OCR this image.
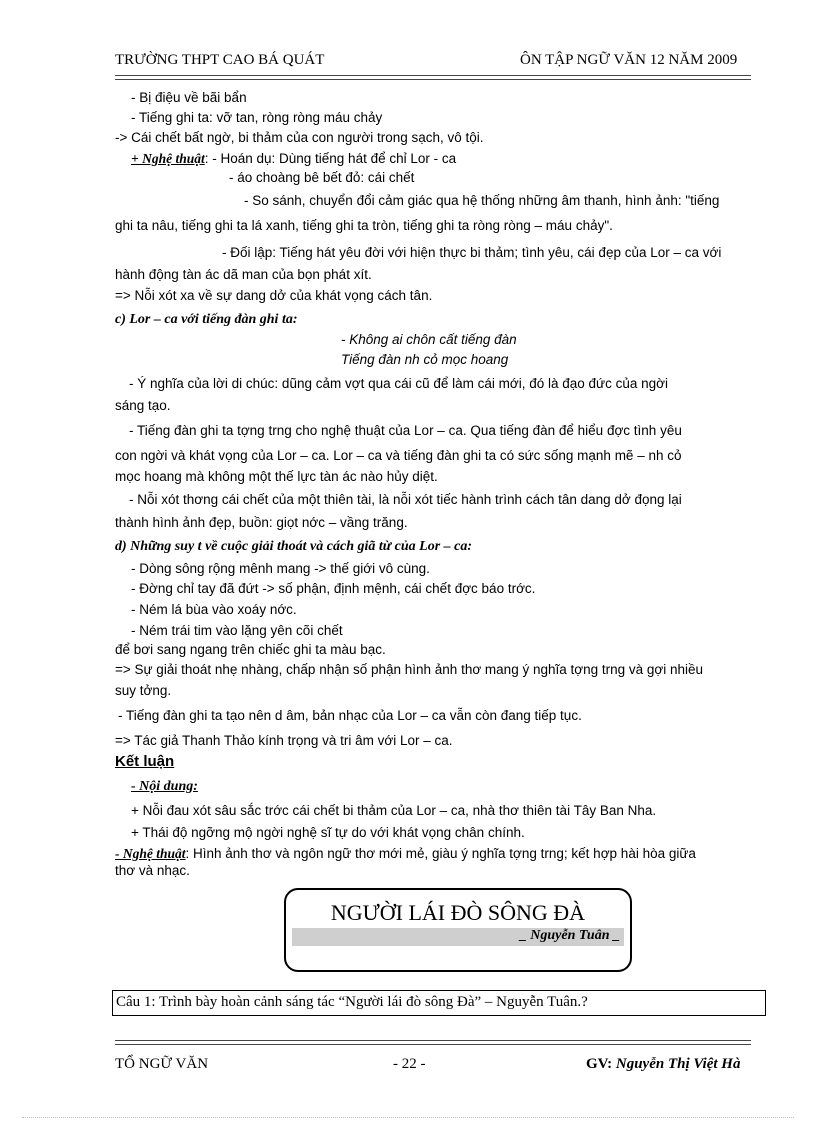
TRƯỜNG THPT CAO BÁ QUÁT	ÔN TẬP NGỮ VĂN 12 NĂM 2009
- Bị điệu về bãi bẩn
- Tiếng ghi ta: vỡ tan, ròng ròng máu chảy
-> Cái chết bất ngờ, bi thảm của con người trong sạch, vô tội.
+ Nghệ thuật: - Hoán dụ: Dùng tiếng hát để chỉ Lor - ca
- áo choàng bê bết đỏ: cái chết
- So sánh, chuyển đổi cảm giác qua hệ thống những âm thanh, hình ảnh: "tiếng
ghi ta nâu, tiếng ghi ta lá xanh, tiếng ghi ta tròn, tiếng ghi ta ròng ròng – máu chảy".
- Đối lập: Tiếng hát yêu đời với hiện thực bi thảm; tình yêu, cái đẹp của Lor – ca với
hành động tàn ác dã man của bọn phát xít.
=> Nỗi xót xa về sự dang dở của khát vọng cách tân.
c) Lor – ca với tiếng đàn ghi ta:
- Không ai chôn cất tiếng đàn
Tiếng đàn nh cỏ mọc hoang
- Ý nghĩa của lời di chúc: dũng cảm vợt qua cái cũ để làm cái mới, đó là đạo đức của ngời
sáng tạo.
- Tiếng đàn ghi ta tợng trng cho nghệ thuật của Lor – ca. Qua tiếng đàn để hiểu đợc tình yêu
con ngời và khát vọng của Lor – ca. Lor – ca và tiếng đàn ghi ta có sức sống mạnh mẽ – nh cỏ
mọc hoang mà không một thế lực tàn ác nào hủy diệt.
- Nỗi xót thơng cái chết của một thiên tài, là nỗi xót tiếc hành trình cách tân dang dở đọng lại
thành hình ảnh đẹp, buồn: giọt nớc – vầng trăng.
d) Những suy t về cuộc giải thoát và cách giã từ của Lor – ca:
- Dòng sông rộng mênh mang -> thế giới vô cùng.
- Đờng chỉ tay đã đứt -> số phận, định mệnh, cái chết đợc báo trớc.
- Ném lá bùa vào xoáy nớc.
- Ném trái tim vào lặng yên cõi chết
để bơi sang ngang trên chiếc ghi ta màu bạc.
=> Sự giải thoát nhẹ nhàng, chấp nhận số phận hình ảnh thơ mang ý nghĩa tợng trng và gợi nhiều
suy tởng.
- Tiếng đàn ghi ta tạo nên d âm, bản nhạc của Lor – ca vẫn còn đang tiếp tục.
=> Tác giả Thanh Thảo kính trọng và tri âm với Lor – ca.
Kết luận
- Nội dung:
+ Nỗi đau xót sâu sắc trớc cái chết bi thảm của Lor – ca, nhà thơ thiên tài Tây Ban Nha.
+ Thái độ ngỡng mộ ngời nghệ sĩ tự do với khát vọng chân chính.
- Nghệ thuật: Hình ảnh thơ và ngôn ngữ thơ mới mẻ, giàu ý nghĩa tợng trng; kết hợp hài hòa giữa
thơ và nhạc.
NGƯỜI LÁI ĐÒ SÔNG ĐÀ
_ Nguyễn Tuân _
Câu 1: Trình bày hoàn cảnh sáng tác “Người lái đò sông Đà” – Nguyễn Tuân.?
TỔ NGỮ VĂN	- 22 -	GV: Nguyễn Thị Việt Hà
